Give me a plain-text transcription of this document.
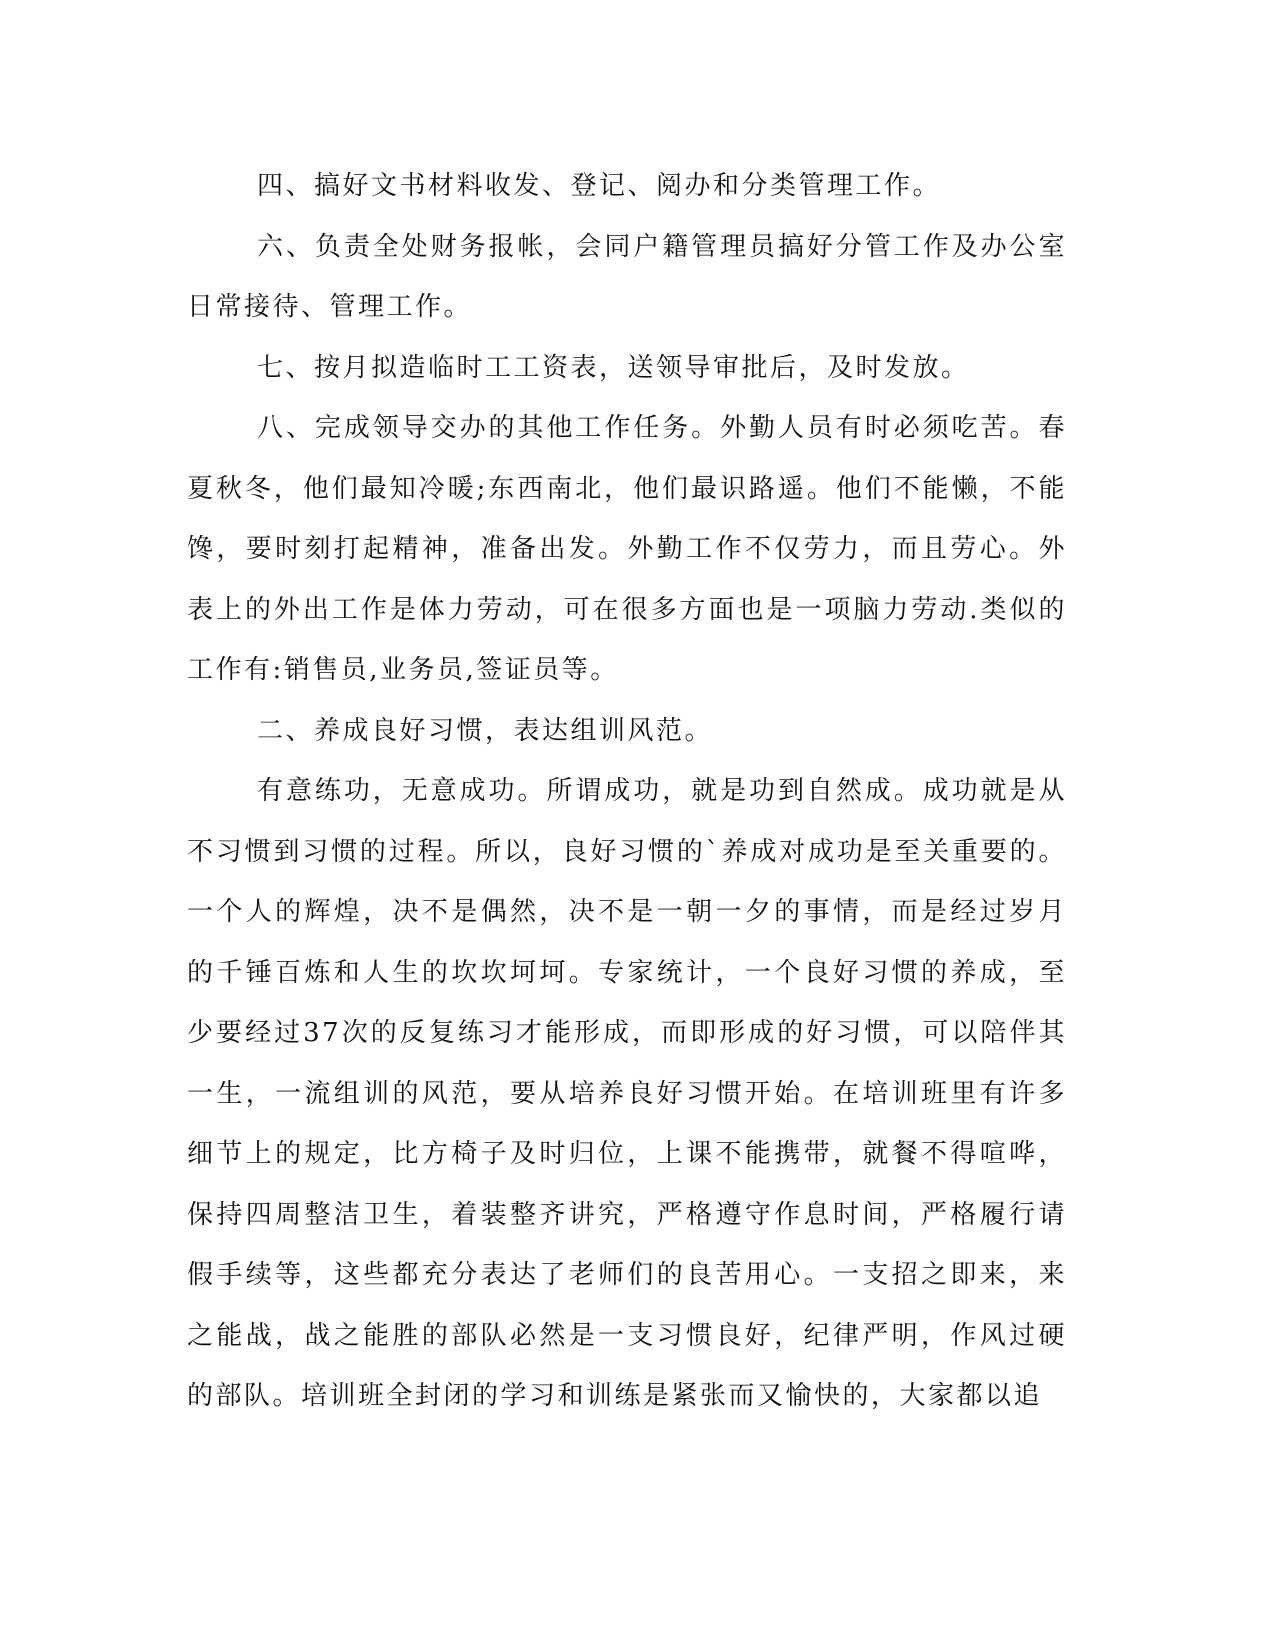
四、搞好文书材料收发、登记、阅办和分类管理工作。

六、负责全处财务报帐，会同户籍管理员搞好分管工作及办公室日常接待、管理工作。

七、按月拟造临时工工资表，送领导审批后，及时发放。

八、完成领导交办的其他工作任务。外勤人员有时必须吃苦。春夏秋冬，他们最知冷暖;东西南北，他们最识路遥。他们不能懒，不能馋，要时刻打起精神，准备出发。外勤工作不仅劳力，而且劳心。外表上的外出工作是体力劳动，可在很多方面也是一项脑力劳动.类似的工作有:销售员,业务员,签证员等。

二、养成良好习惯，表达组训风范。

有意练功，无意成功。所谓成功，就是功到自然成。成功就是从不习惯到习惯的过程。所以，良好习惯的`养成对成功是至关重要的。一个人的辉煌，决不是偶然，决不是一朝一夕的事情，而是经过岁月的千锤百炼和人生的坎坎坷坷。专家统计，一个良好习惯的养成，至少要经过37次的反复练习才能形成，而即形成的好习惯，可以陪伴其一生，一流组训的风范，要从培养良好习惯开始。在培训班里有许多细节上的规定，比方椅子及时归位，上课不能携带，就餐不得喧哗，保持四周整洁卫生，着装整齐讲究，严格遵守作息时间，严格履行请假手续等，这些都充分表达了老师们的良苦用心。一支招之即来，来之能战，战之能胜的部队必然是一支习惯良好，纪律严明，作风过硬的部队。培训班全封闭的学习和训练是紧张而又愉快的，大家都以追
